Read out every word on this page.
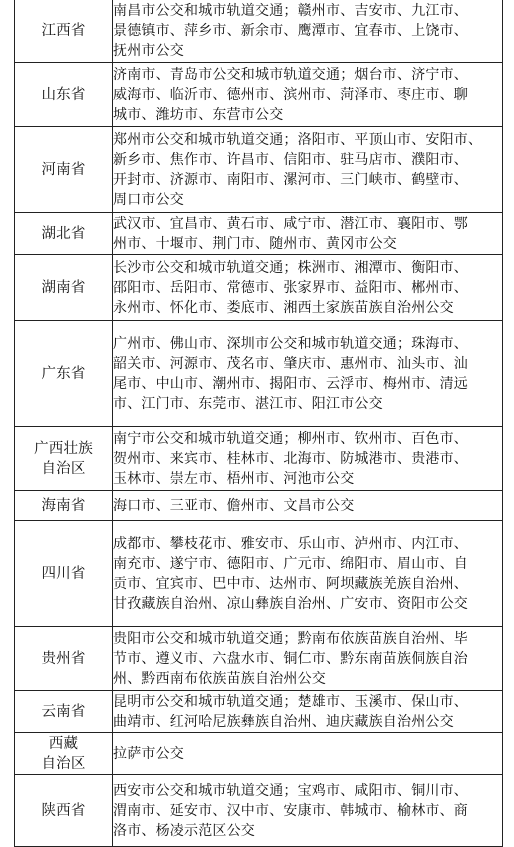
江西省	南昌市公交和城市轨道交通；赣州市、吉安市、九江市、
景德镇市、萍乡市、新余市、鹰潭市、宜春市、上饶市、
抚州市公交

山东省	济南市、青岛市公交和城市轨道交通；烟台市、济宁市、
威海市、临沂市、德州市、滨州市、菏泽市、枣庄市、聊
城市、潍坊市、东营市公交

河南省	郑州市公交和城市轨道交通；洛阳市、平顶山市、安阳市、
新乡市、焦作市、许昌市、信阳市、驻马店市、濮阳市、
开封市、济源市、南阳市、漯河市、三门峡市、鹤壁市、
周口市公交

湖北省	武汉市、宜昌市、黄石市、咸宁市、潜江市、襄阳市、鄂
州市、十堰市、荆门市、随州市、黄冈市公交

湖南省	长沙市公交和城市轨道交通；株洲市、湘潭市、衡阳市、
邵阳市、岳阳市、常德市、张家界市、益阳市、郴州市、
永州市、怀化市、娄底市、湘西土家族苗族自治州公交

广东省	广州市、佛山市、深圳市公交和城市轨道交通；珠海市、
韶关市、河源市、茂名市、肇庆市、惠州市、汕头市、汕
尾市、中山市、潮州市、揭阳市、云浮市、梅州市、清远
市、江门市、东莞市、湛江市、阳江市公交

广西壮族
自治区	南宁市公交和城市轨道交通；柳州市、钦州市、百色市、
贺州市、来宾市、桂林市、北海市、防城港市、贵港市、
玉林市、崇左市、梧州市、河池市公交

海南省	海口市、三亚市、儋州市、文昌市公交

四川省	成都市、攀枝花市、雅安市、乐山市、泸州市、内江市、
南充市、遂宁市、德阳市、广元市、绵阳市、眉山市、自
贡市、宜宾市、巴中市、达州市、阿坝藏族羌族自治州、
甘孜藏族自治州、凉山彝族自治州、广安市、资阳市公交

贵州省	贵阳市公交和城市轨道交通；黔南布依族苗族自治州、毕
节市、遵义市、六盘水市、铜仁市、黔东南苗族侗族自治
州、黔西南布依族苗族自治州公交

云南省	昆明市公交和城市轨道交通；楚雄市、玉溪市、保山市、
曲靖市、红河哈尼族彝族自治州、迪庆藏族自治州公交

西藏
自治区	拉萨市公交

陕西省	西安市公交和城市轨道交通；宝鸡市、咸阳市、铜川市、
渭南市、延安市、汉中市、安康市、韩城市、榆林市、商
洛市、杨凌示范区公交
